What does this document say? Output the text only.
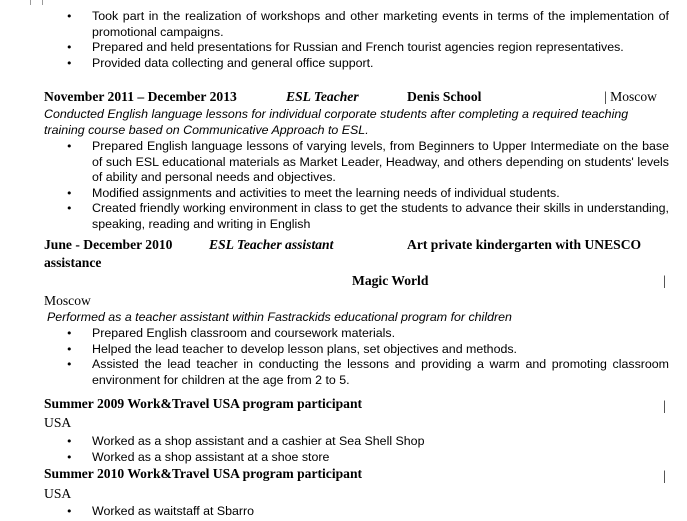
• Took part in the realization of workshops and other marketing events in terms of the implementation of promotional campaigns.
• Prepared and held presentations for Russian and French tourist agencies region representatives.
• Provided data collecting and general office support.
November 2011 – December 2013	ESL Teacher	Denis School	| Moscow
Conducted English language lessons for individual corporate students after completing a required teaching training course based on Communicative Approach to ESL.
• Prepared English language lessons of varying levels, from Beginners to Upper Intermediate on the base of such ESL educational materials as Market Leader, Headway, and others depending on students' levels of ability and personal needs and objectives.
• Modified assignments and activities to meet the learning needs of individual students.
• Created friendly working environment in class to get the students to advance their skills in understanding, speaking, reading and writing in English
June - December 2010	ESL Teacher assistant	Art private kindergarten with UNESCO
assistance
Magic World	|
Moscow
Performed as a teacher assistant within Fastrackids educational program for children
• Prepared English classroom and coursework materials.
• Helped the lead teacher to develop lesson plans, set objectives and methods.
• Assisted the lead teacher in conducting the lessons and providing a warm and promoting classroom environment for children at the age from 2 to 5.
Summer 2009 Work&Travel USA program participant	|
USA
• Worked as a shop assistant and a cashier at Sea Shell Shop
• Worked as a shop assistant at a shoe store
Summer 2010 Work&Travel USA program participant	|
USA
• Worked as waitstaff at Sbarro
